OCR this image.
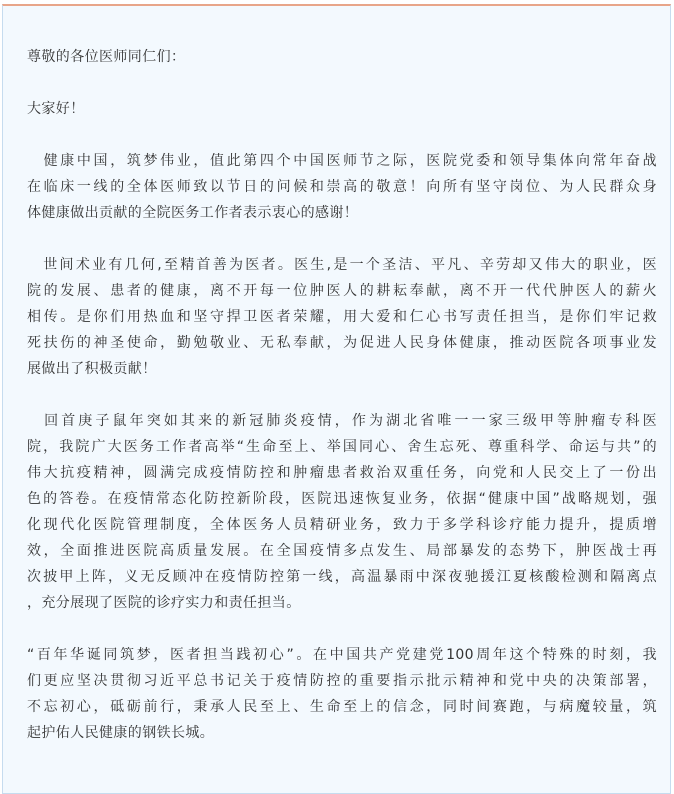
尊敬的各位医师同仁们：
大家好！
　健康中国，筑梦伟业，值此第四个中国医师节之际，医院党委和领导集体向常年奋战
在临床一线的全体医师致以节日的问候和崇高的敬意！向所有坚守岗位、为人民群众身
体健康做出贡献的全院医务工作者表示衷心的感谢！
　世间术业有几何,至精首善为医者。医生,是一个圣洁、平凡、辛劳却又伟大的职业，医
院的发展、患者的健康，离不开每一位肿医人的耕耘奉献，离不开一代代肿医人的薪火
相传。是你们用热血和坚守捍卫医者荣耀，用大爱和仁心书写责任担当，是你们牢记救
死扶伤的神圣使命，勤勉敬业、无私奉献，为促进人民身体健康，推动医院各项事业发
展做出了积极贡献！
　回首庚子鼠年突如其来的新冠肺炎疫情，作为湖北省唯一一家三级甲等肿瘤专科医
院，我院广大医务工作者高举“生命至上、举国同心、舍生忘死、尊重科学、命运与共”的
伟大抗疫精神，圆满完成疫情防控和肿瘤患者救治双重任务，向党和人民交上了一份出
色的答卷。在疫情常态化防控新阶段，医院迅速恢复业务，依据“健康中国”战略规划，强
化现代化医院管理制度，全体医务人员精研业务，致力于多学科诊疗能力提升，提质增
效，全面推进医院高质量发展。在全国疫情多点发生、局部暴发的态势下，肿医战士再
次披甲上阵，义无反顾冲在疫情防控第一线，高温暴雨中深夜驰援江夏核酸检测和隔离点
，充分展现了医院的诊疗实力和责任担当。
“百年华诞同筑梦，医者担当践初心”。在中国共产党建党100周年这个特殊的时刻，我
们更应坚决贯彻习近平总书记关于疫情防控的重要指示批示精神和党中央的决策部署，
不忘初心，砥砺前行，秉承人民至上、生命至上的信念，同时间赛跑，与病魔较量，筑
起护佑人民健康的钢铁长城。
